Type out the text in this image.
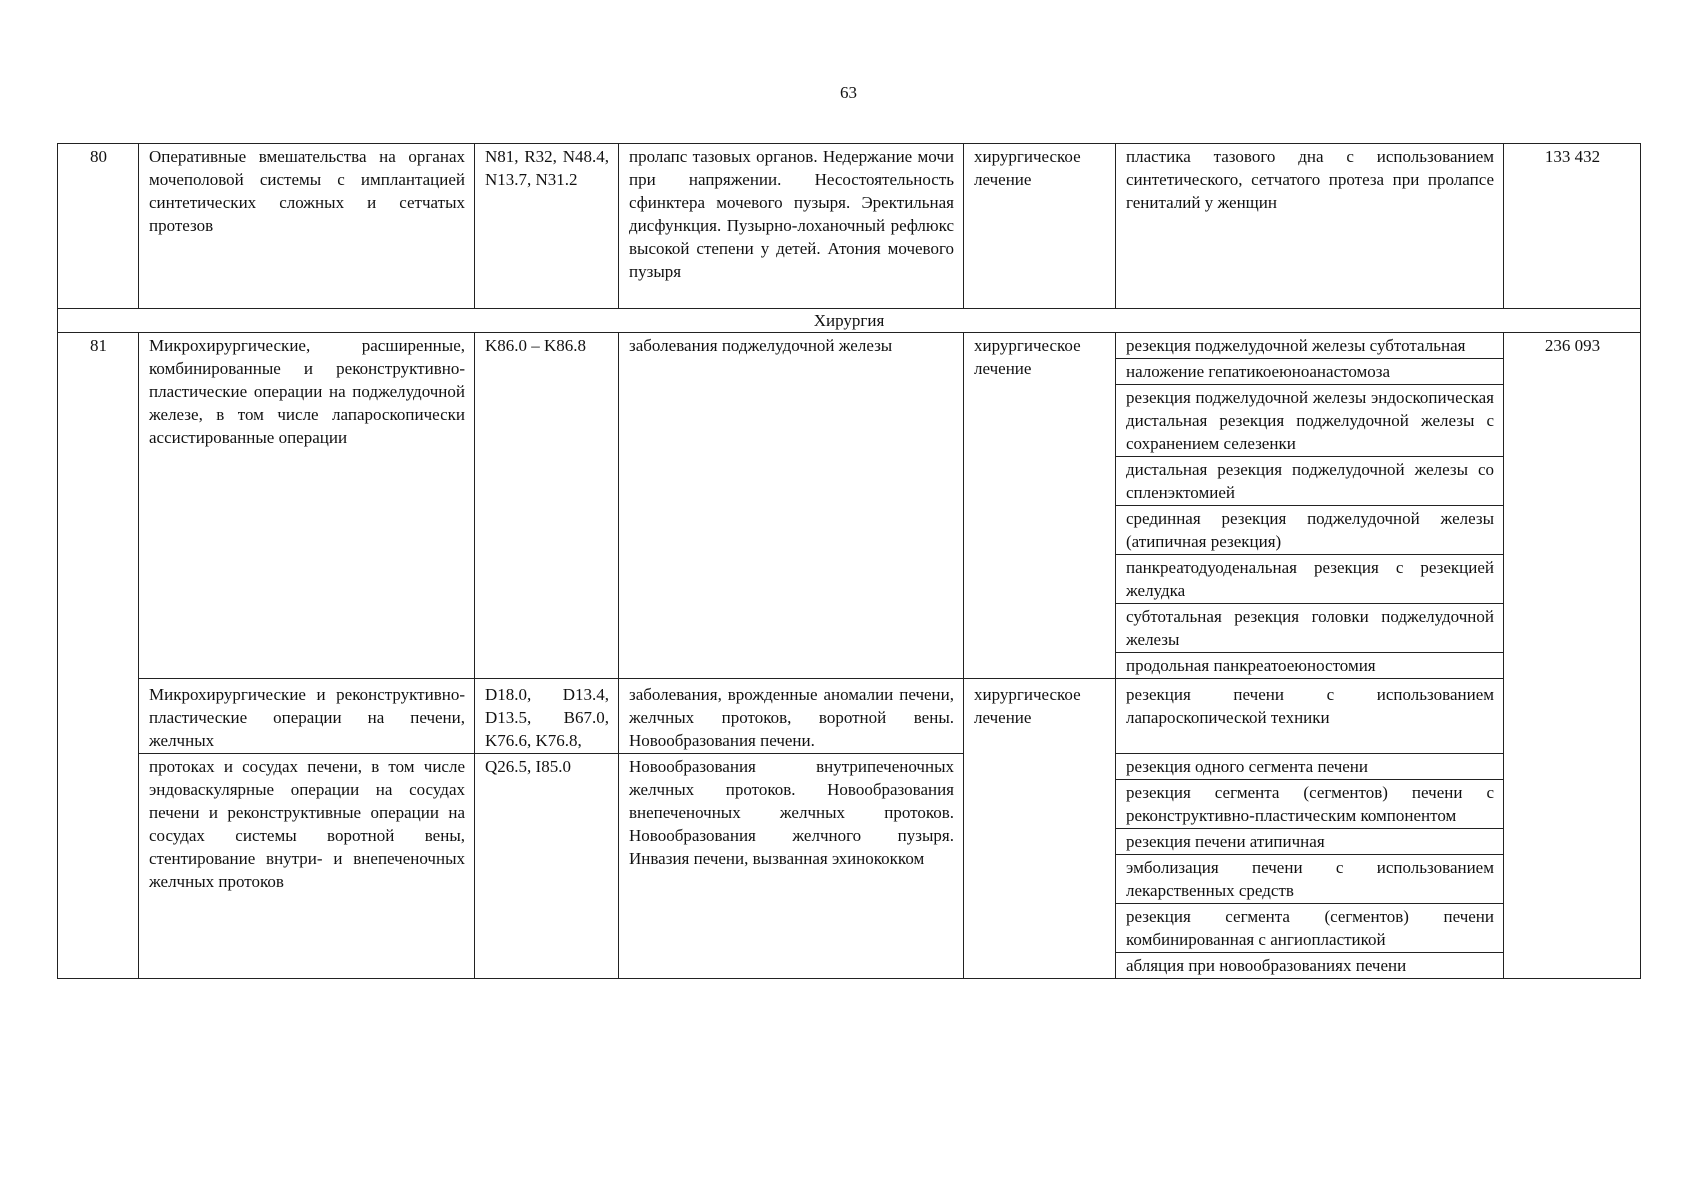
63
80	Оперативные вмешательства на органах мочеполовой системы с имплантацией синтетических сложных и сетчатых протезов	N81, R32, N48.4, N13.7, N31.2	пролапс тазовых органов. Недержание мочи при напряжении. Несостоятельность сфинктера мочевого пузыря. Эректильная дисфункция. Пузырно-лоханочный рефлюкс высокой степени у детей. Атония мочевого пузыря	хирургическое лечение	пластика тазового дна с использованием синтетического, сетчатого протеза при пролапсе гениталий у женщин	133 432
Хирургия						
81	Микрохирургические, расширенные, комбинированные и реконструктивно-пластические операции на поджелудочной железе, в том числе лапароскопически ассистированные операции	K86.0 – K86.8	заболевания поджелудочной железы	хирургическое лечение	резекция поджелудочной железы субтотальная	236 093
					наложение гепатикоеюноанастомоза	
					резекция поджелудочной железы эндоскопическая дистальная резекция поджелудочной железы с сохранением селезенки	
					дистальная резекция поджелудочной железы со спленэктомией	
					срединная резекция поджелудочной железы (атипичная резекция)	
					панкреатодуоденальная резекция с резекцией желудка	
					субтотальная резекция головки поджелудочной железы	
					продольная панкреатоеюностомия	
	Микрохирургические и реконструктивно-пластические операции на печени, желчных	D18.0, D13.4, D13.5, B67.0, K76.6, K76.8,	заболевания, врожденные аномалии печени, желчных протоков, воротной вены. Новообразования печени.	хирургическое лечение	резекция печени с использованием лапароскопической техники	
	протоках и сосудах печени, в том числе эндоваскулярные операции на сосудах печени и реконструктивные операции на сосудах системы воротной вены, стентирование внутри- и внепеченочных желчных протоков	Q26.5, I85.0	Новообразования внутрипеченочных желчных протоков. Новообразования внепеченочных желчных протоков. Новообразования желчного пузыря. Инвазия печени, вызванная эхинококком		резекция одного сегмента печени	
					резекция сегмента (сегментов) печени с реконструктивно-пластическим компонентом	
					резекция печени атипичная	
					эмболизация печени с использованием лекарственных средств	
					резекция сегмента (сегментов) печени комбинированная с ангиопластикой	
					абляция при новообразованиях печени	
